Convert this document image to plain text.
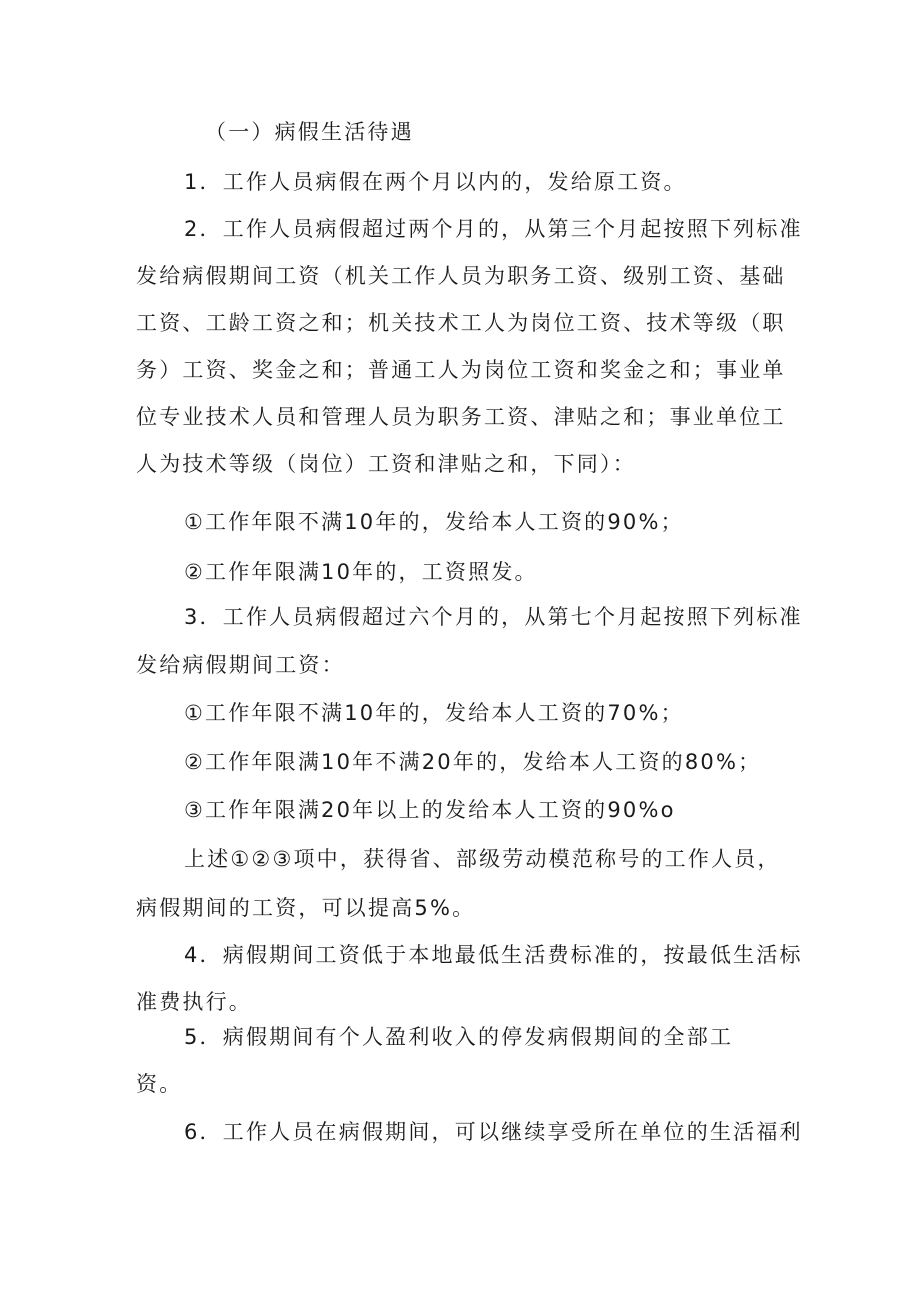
（一）病假生活待遇
1．工作人员病假在两个月以内的，发给原工资。
2．工作人员病假超过两个月的，从第三个月起按照下列标准
发给病假期间工资（机关工作人员为职务工资、级别工资、基础
工资、工龄工资之和；机关技术工人为岗位工资、技术等级（职
务）工资、奖金之和；普通工人为岗位工资和奖金之和；事业单
位专业技术人员和管理人员为职务工资、津贴之和；事业单位工
人为技术等级（岗位）工资和津贴之和，下同）：
①工作年限不满10年的，发给本人工资的90%；
②工作年限满10年的，工资照发。
3．工作人员病假超过六个月的，从第七个月起按照下列标准
发给病假期间工资：
①工作年限不满10年的，发给本人工资的70%；
②工作年限满10年不满20年的，发给本人工资的80%；
③工作年限满20年以上的发给本人工资的90%o
上述①②③项中，获得省、部级劳动模范称号的工作人员，
病假期间的工资，可以提高5%。
4．病假期间工资低于本地最低生活费标准的，按最低生活标
准费执行。
5．病假期间有个人盈利收入的停发病假期间的全部工
资。
6．工作人员在病假期间，可以继续享受所在单位的生活福利
